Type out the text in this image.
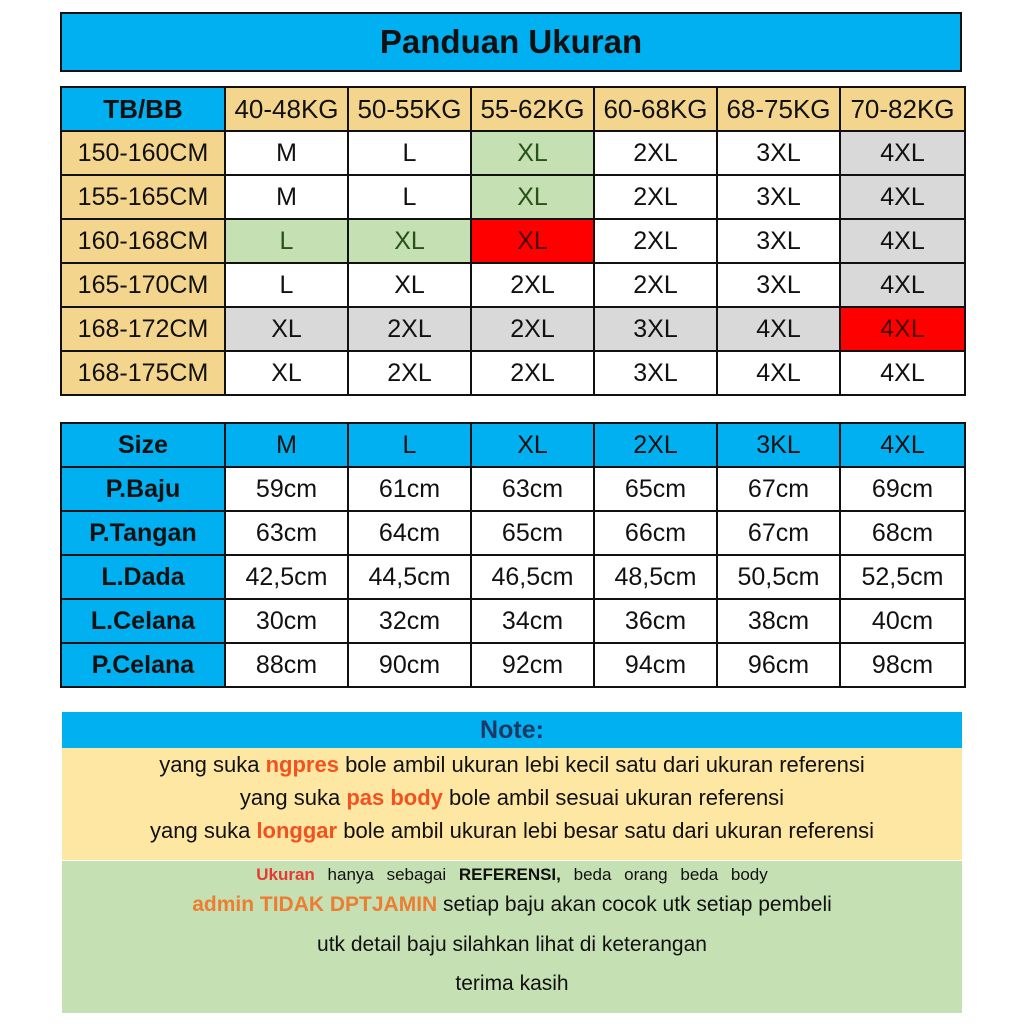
Panduan Ukuran
TB/BB	40-48KG	50-55KG	55-62KG	60-68KG	68-75KG	70-82KG
150-160CM	M	L	XL	2XL	3XL	4XL
155-165CM	M	L	XL	2XL	3XL	4XL
160-168CM	L	XL	XL	2XL	3XL	4XL
165-170CM	L	XL	2XL	2XL	3XL	4XL
168-172CM	XL	2XL	2XL	3XL	4XL	4XL
168-175CM	XL	2XL	2XL	3XL	4XL	4XL
Size	M	L	XL	2XL	3KL	4XL
P.Baju	59cm	61cm	63cm	65cm	67cm	69cm
P.Tangan	63cm	64cm	65cm	66cm	67cm	68cm
L.Dada	42,5cm	44,5cm	46,5cm	48,5cm	50,5cm	52,5cm
L.Celana	30cm	32cm	34cm	36cm	38cm	40cm
P.Celana	88cm	90cm	92cm	94cm	96cm	98cm
Note:
yang suka ngpres bole ambil ukuran lebi kecil satu dari ukuran referensi
yang suka pas body bole ambil sesuai ukuran referensi
yang suka longgar bole ambil ukuran lebi besar satu dari ukuran referensi
Ukuran hanya sebagai REFERENSI, beda orang beda body
admin TIDAK DPTJAMIN setiap baju akan cocok utk setiap pembeli
utk detail baju silahkan lihat di keterangan
terima kasih
